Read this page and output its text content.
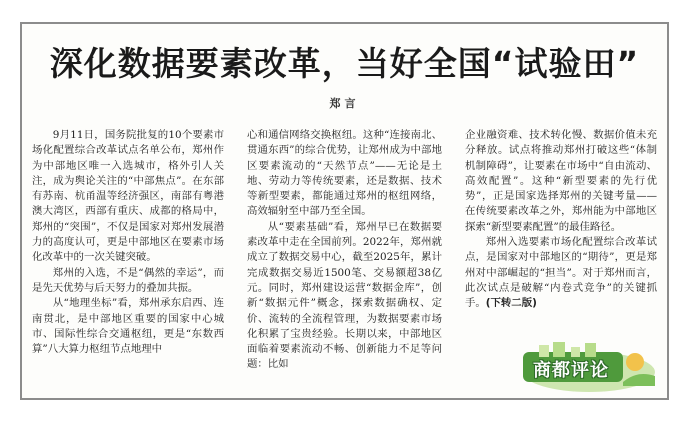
深化数据要素改革，当好全国“试验田”
郑言

9月11日，国务院批复的10个要素市场化配置综合改革试点名单公布，郑州作为中部地区唯一入选城市，格外引人关注，成为舆论关注的“中部焦点”。在东部有苏南、杭甬温等经济强区，南部有粤港澳大湾区，西部有重庆、成都的格局中，郑州的“突围”，不仅是国家对郑州发展潜力的高度认可，更是中部地区在要素市场化改革中的一次关键突破。

郑州的入选，不是“偶然的幸运”，而是先天优势与后天努力的叠加共振。

从“地理坐标”看，郑州承东启西、连南贯北，是中部地区重要的国家中心城市、国际性综合交通枢纽，更是“东数西算”八大算力枢纽节点地理中

心和通信网络交换枢纽。这种“连接南北、贯通东西”的综合优势，让郑州成为中部地区要素流动的“天然节点”——无论是土地、劳动力等传统要素，还是数据、技术等新型要素，都能通过郑州的枢纽网络，高效辐射至中部乃至全国。

从“要素基础”看，郑州早已在数据要素改革中走在全国前列。2022年，郑州就成立了数据交易中心，截至2025年，累计完成数据交易近1500笔、交易额超38亿元。同时，郑州建设运营“数据金库”，创新“数据元件”概念，探索数据确权、定价、流转的全流程管理，为数据要素市场化积累了宝贵经验。长期以来，中部地区面临着要素流动不畅、创新能力不足等问题：比如

企业融资难、技术转化慢、数据价值未充分释放。试点将推动郑州打破这些“体制机制障碍”，让要素在市场中“自由流动、高效配置”。这种“新型要素的先行优势”，正是国家选择郑州的关键考量——在传统要素改革之外，郑州能为中部地区探索“新型要素配置”的最佳路径。

郑州入选要素市场化配置综合改革试点，是国家对中部地区的“期待”，更是郑州对中部崛起的“担当”。对于郑州而言，此次试点是破解“内卷式竞争”的关键抓手。(下转二版)

商都评论
